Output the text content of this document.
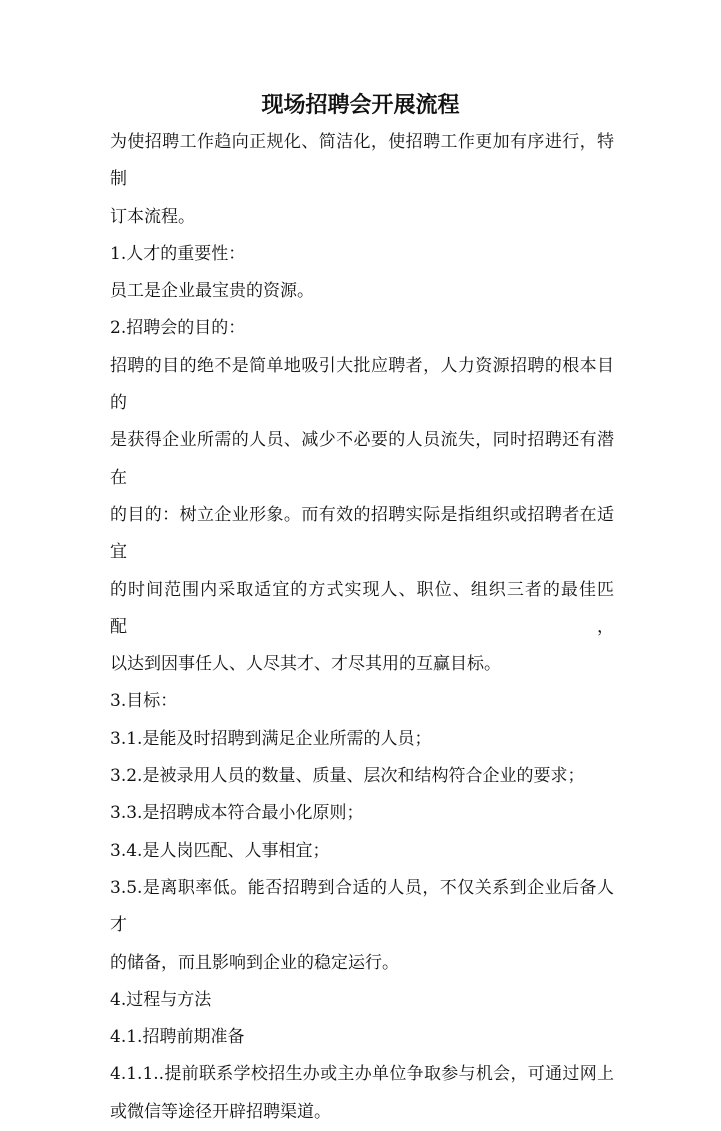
现场招聘会开展流程
为使招聘工作趋向正规化、简洁化，使招聘工作更加有序进行，特制
订本流程。
1.人才的重要性：
员工是企业最宝贵的资源。
2.招聘会的目的：
招聘的目的绝不是简单地吸引大批应聘者，人力资源招聘的根本目的
是获得企业所需的人员、减少不必要的人员流失，同时招聘还有潜在
的目的：树立企业形象。而有效的招聘实际是指组织或招聘者在适宜
的时间范围内采取适宜的方式实现人、职位、组织三者的最佳匹配，
以达到因事任人、人尽其才、才尽其用的互赢目标。
3.目标：
3.1.是能及时招聘到满足企业所需的人员；
3.2.是被录用人员的数量、质量、层次和结构符合企业的要求；
3.3.是招聘成本符合最小化原则；
3.4.是人岗匹配、人事相宜；
3.5.是离职率低。能否招聘到合适的人员，不仅关系到企业后备人才
的储备，而且影响到企业的稳定运行。
4.过程与方法
4.1.招聘前期准备
4.1.1..提前联系学校招生办或主办单位争取参与机会，可通过网上
或微信等途径开辟招聘渠道。
